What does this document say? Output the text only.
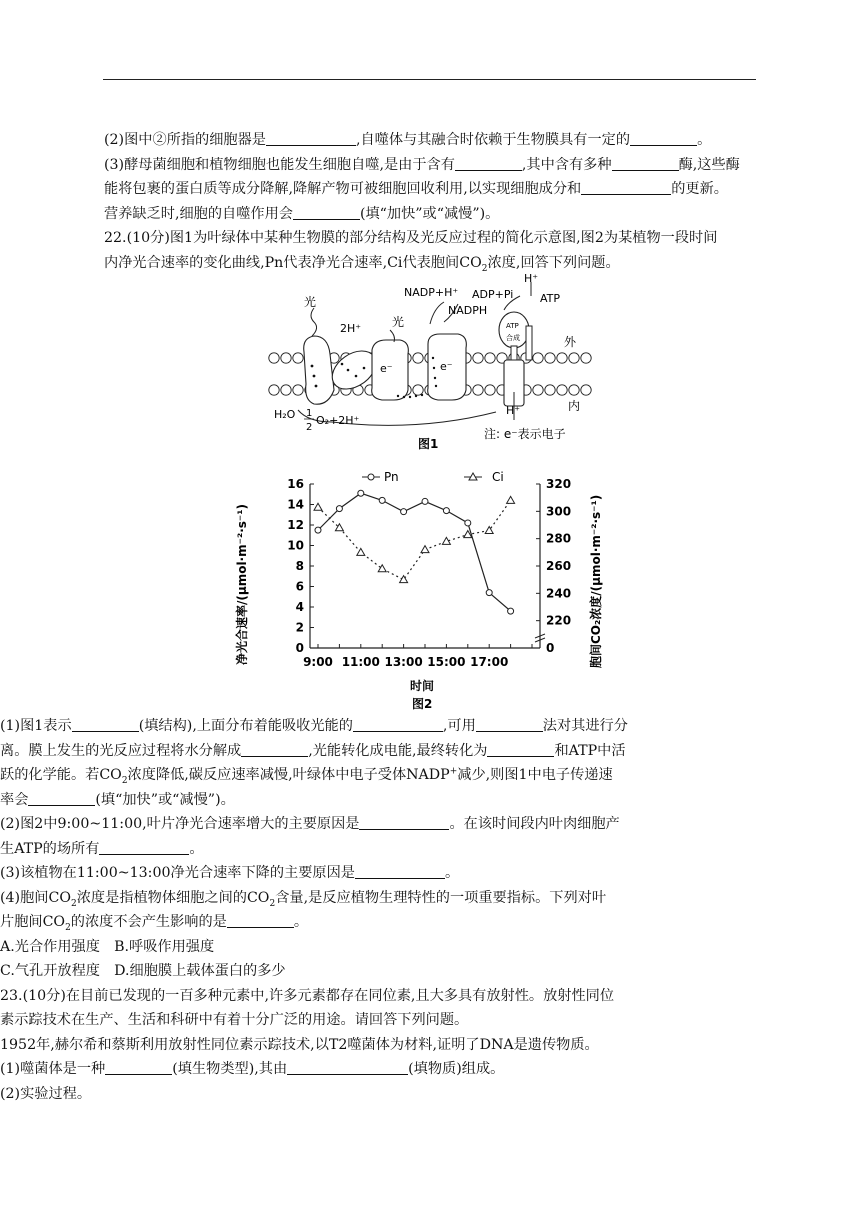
(2)图中②所指的细胞器是	,自噬体与其融合时依赖于生物膜具有一定的	。
(3)酵母菌细胞和植物细胞也能发生细胞自噬,是由于含有	,其中含有多种	酶,这些酶
能将包裹的蛋白质等成分降解,降解产物可被细胞回收利用,以实现细胞成分和	的更新。
营养缺乏时,细胞的自噬作用会	(填“加快”或“减慢”)。
22.(10分)图1为叶绿体中某种生物膜的部分结构及光反应过程的简化示意图,图2为某植物一段时间
内净光合速率的变化曲线,Pn代表净光合速率,Ci代表胞间$CO_2$浓度,回答下列问题。
光
光
2H⁺
NADP+H⁺
NADPH
ADP+Pi ATP
H⁺
H⁺
外
内
H₂O 1
2
O₂+2H⁺
e⁻	e⁻
ATP
合成
注: e⁻表示电子
图1
0
2
4
6
8
10
12
14
16
0
220
240
260
280
300
320
9:00 11:00 13:00 15:00 17:00
Pn	Ci
净光合速率/(μmol·m⁻²·s⁻¹)	胞间CO₂浓度/(μmol·m⁻²·s⁻¹)
时间
图2
(1)图1表示	(填结构),上面分布着能吸收光能的	,可用	法对其进行分
离。膜上发生的光反应过程将水分解成	,光能转化成电能,最终转化为	和ATP中活
跃的化学能。若$CO_2$浓度降低,碳反应速率减慢,叶绿体中电子受体NADP+减少,则图1中电子传递速
率会	(填“加快”或“减慢”)。
(2)图2中9:00~11:00,叶片净光合速率增大的主要原因是	。在该时间段内叶肉细胞产
生ATP的场所有	。
(3)该植物在11:00~13:00净光合速率下降的主要原因是	。
(4)胞间$CO_2$浓度是指植物体细胞之间的$CO_2$含量,是反应植物生理特性的一项重要指标。下列对叶
片胞间$CO_2$的浓度不会产生影响的是	。
A.光合作用强度　B.呼吸作用强度
C.气孔开放程度　D.细胞膜上载体蛋白的多少
23.(10分)在目前已发现的一百多种元素中,许多元素都存在同位素,且大多具有放射性。放射性同位
素示踪技术在生产、生活和科研中有着十分广泛的用途。请回答下列问题。
1952年,赫尔希和蔡斯利用放射性同位素示踪技术,以T2噬菌体为材料,证明了DNA是遗传物质。
(1)噬菌体是一种	(填生物类型),其由	(填物质)组成。
(2)实验过程。
